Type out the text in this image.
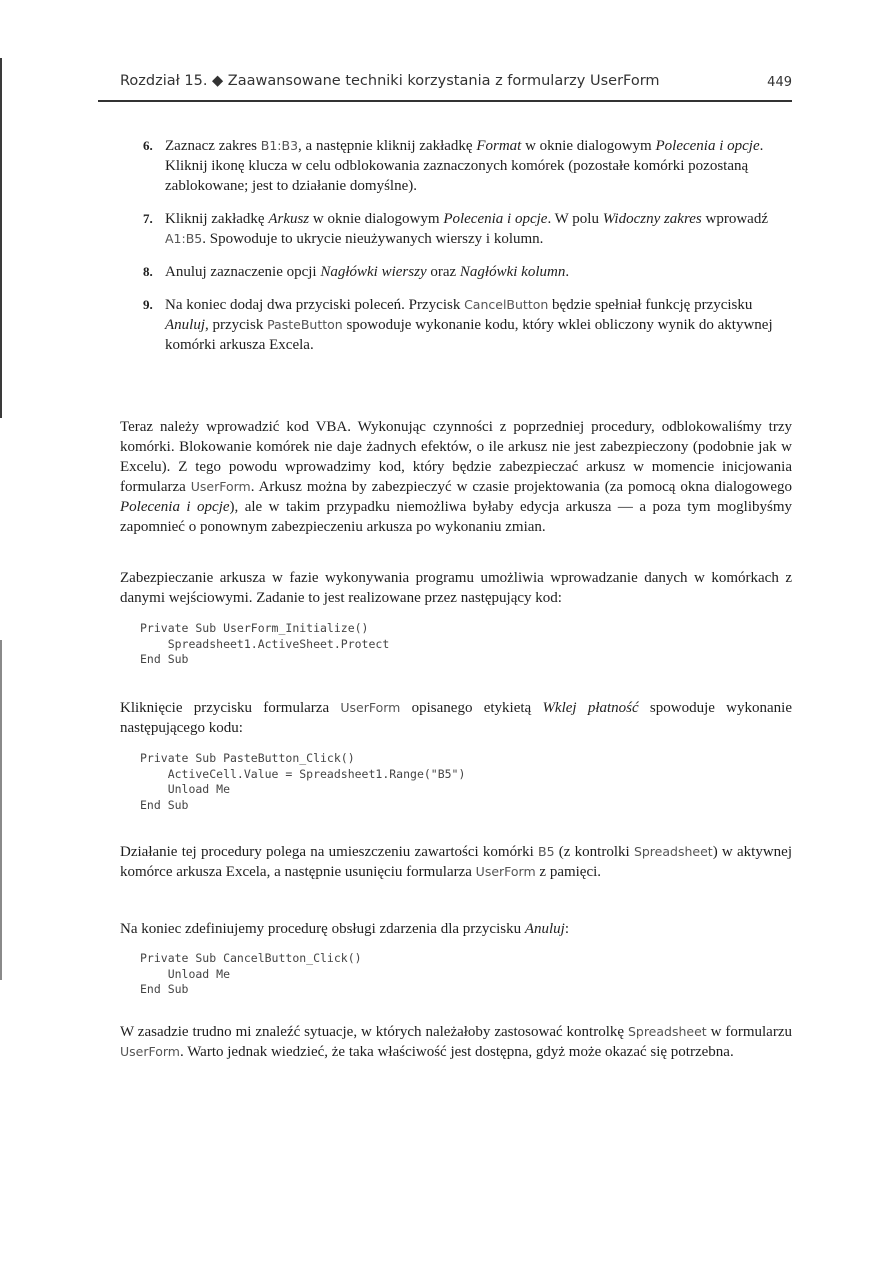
Rozdział 15. ◆ Zaawansowane techniki korzystania z formularzy UserForm	449
6. Zaznacz zakres B1:B3, a następnie kliknij zakładkę Format w oknie dialogowym Polecenia i opcje. Kliknij ikonę klucza w celu odblokowania zaznaczonych komórek (pozostałe komórki pozostaną zablokowane; jest to działanie domyślne).
7. Kliknij zakładkę Arkusz w oknie dialogowym Polecenia i opcje. W polu Widoczny zakres wprowadź A1:B5. Spowoduje to ukrycie nieużywanych wierszy i kolumn.
8. Anuluj zaznaczenie opcji Nagłówki wierszy oraz Nagłówki kolumn.
9. Na koniec dodaj dwa przyciski poleceń. Przycisk CancelButton będzie spełniał funkcję przycisku Anuluj, przycisk PasteButton spowoduje wykonanie kodu, który wklei obliczony wynik do aktywnej komórki arkusza Excela.
Teraz należy wprowadzić kod VBA. Wykonując czynności z poprzedniej procedury, odblokowaliśmy trzy komórki. Blokowanie komórek nie daje żadnych efektów, o ile arkusz nie jest zabezpieczony (podobnie jak w Excelu). Z tego powodu wprowadzimy kod, który będzie zabezpieczać arkusz w momencie inicjowania formularza UserForm. Arkusz można by zabezpieczyć w czasie projektowania (za pomocą okna dialogowego Polecenia i opcje), ale w takim przypadku niemożliwa byłaby edycja arkusza — a poza tym moglibyśmy zapomnieć o ponownym zabezpieczeniu arkusza po wykonaniu zmian.
Zabezpieczanie arkusza w fazie wykonywania programu umożliwia wprowadzanie danych w komórkach z danymi wejściowymi. Zadanie to jest realizowane przez następujący kod:
Private Sub UserForm_Initialize()
Spreadsheet1.ActiveSheet.Protect
End Sub
Kliknięcie przycisku formularza UserForm opisanego etykietą Wklej płatność spowoduje wykonanie następującego kodu:
Private Sub PasteButton_Click()
ActiveCell.Value = Spreadsheet1.Range("B5")
Unload Me
End Sub
Działanie tej procedury polega na umieszczeniu zawartości komórki B5 (z kontrolki Spreadsheet) w aktywnej komórce arkusza Excela, a następnie usunięciu formularza UserForm z pamięci.
Na koniec zdefiniujemy procedurę obsługi zdarzenia dla przycisku Anuluj:
Private Sub CancelButton_Click()
Unload Me
End Sub
W zasadzie trudno mi znaleźć sytuacje, w których należałoby zastosować kontrolkę Spreadsheet w formularzu UserForm. Warto jednak wiedzieć, że taka właściwość jest dostępna, gdyż może okazać się potrzebna.
